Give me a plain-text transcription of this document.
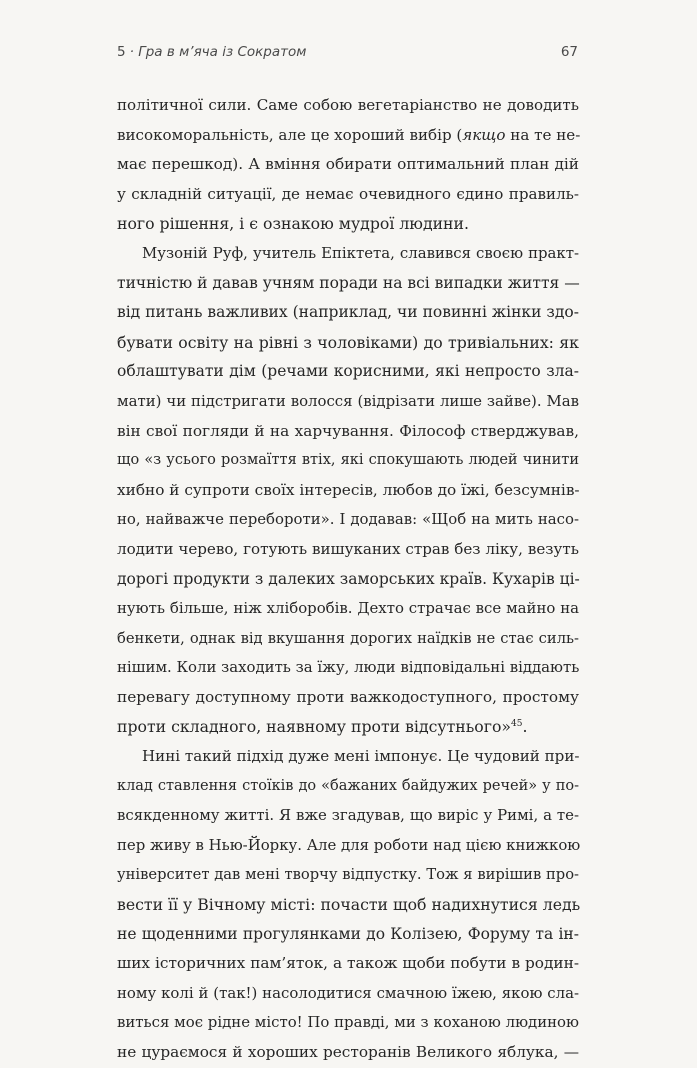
5 · Гра в м’яча із Сократом	67

політичної сили. Саме собою вегетаріанство не доводить
високоморальність, але це хороший вибір (якщо на те не-
має перешкод). А вміння обирати оптимальний план дій
у складній ситуації, де немає очевидного єдино правиль-
ного рішення, і є ознакою мудрої людини.

Музоній Руф, учитель Епіктета, славився своєю практ-
тичністю й давав учням поради на всі випадки життя —
від питань важливих (наприклад, чи повинні жінки здо-
бувати освіту на рівні з чоловіками) до тривіальних: як
облаштувати дім (речами корисними, які непросто зла-
мати) чи підстригати волосся (відрізати лише зайве). Мав
він свої погляди й на харчування. Філософ стверджував,
що «з усього розмаїття втіх, які спокушають людей чинити
хибно й супроти своїх інтересів, любов до їжі, безсумнів-
но, найважче перебороти». І додавав: «Щоб на мить насо-
лодити черево, готують вишуканих страв без ліку, везуть
дорогі продукти з далеких заморських країв. Кухарів ці-
нують більше, ніж хліборобів. Дехто страчає все майно на
бенкети, однак від вкушання дорогих наїдків не стає силь-
нішим. Коли заходить за їжу, люди відповідальні віддають
перевагу доступному проти важкодоступного, простому
проти складного, наявному проти відсутнього»$^{45}$.

Нині такий підхід дуже мені імпонує. Це чудовий при-
клад ставлення стоїків до «бажаних байдужих речей» у по-
всякденному житті. Я вже згадував, що виріс у Римі, а те-
пер живу в Нью-Йорку. Але для роботи над цією книжкою
університет дав мені творчу відпустку. Тож я вирішив про-
вести її у Вічному місті: почасти щоб надихнутися ледь
не щоденними прогулянками до Колізею, Форуму та ін-
ших історичних пам’яток, а також щоби побути в родин-
ному колі й (так!) насолодитися смачною їжею, якою сла-
виться моє рідне місто! По правді, ми з коханою людиною
не цураємося й хороших ресторанів Великого яблука, —
